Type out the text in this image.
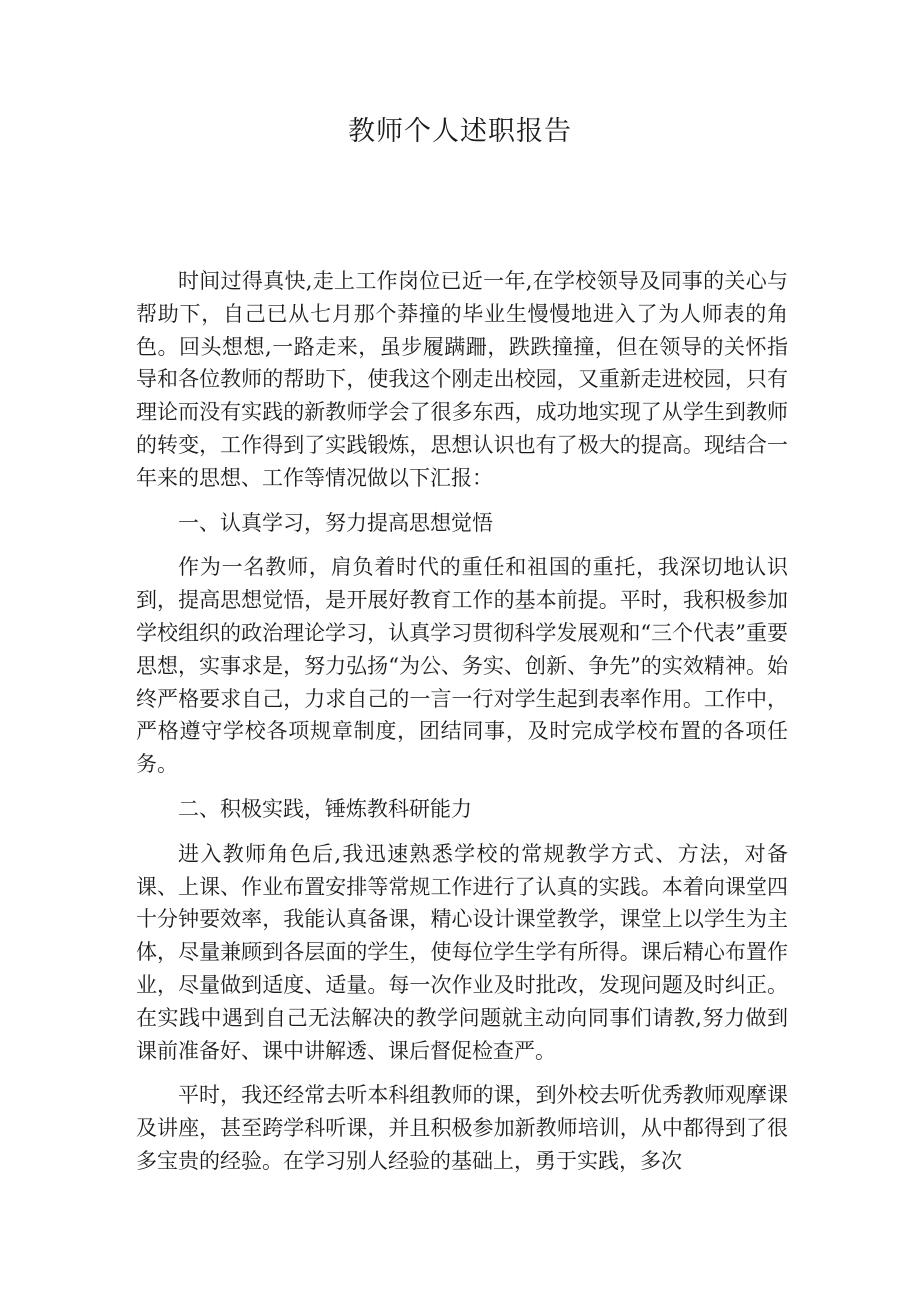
教师个人述职报告

时间过得真快,走上工作岗位已近一年,在学校领导及同事的关心与帮助下，自己已从七月那个莽撞的毕业生慢慢地进入了为人师表的角色。回头想想,一路走来，虽步履蹒跚，跌跌撞撞，但在领导的关怀指导和各位教师的帮助下，使我这个刚走出校园，又重新走进校园，只有理论而没有实践的新教师学会了很多东西，成功地实现了从学生到教师的转变，工作得到了实践锻炼，思想认识也有了极大的提高。现结合一年来的思想、工作等情况做以下汇报：

一、认真学习，努力提高思想觉悟

作为一名教师，肩负着时代的重任和祖国的重托，我深切地认识到，提高思想觉悟，是开展好教育工作的基本前提。平时，我积极参加学校组织的政治理论学习，认真学习贯彻科学发展观和“三个代表”重要思想，实事求是，努力弘扬“为公、务实、创新、争先”的实效精神。始终严格要求自己，力求自己的一言一行对学生起到表率作用。工作中，严格遵守学校各项规章制度，团结同事，及时完成学校布置的各项任务。

二、积极实践，锤炼教科研能力

进入教师角色后,我迅速熟悉学校的常规教学方式、方法，对备课、上课、作业布置安排等常规工作进行了认真的实践。本着向课堂四十分钟要效率，我能认真备课，精心设计课堂教学，课堂上以学生为主体，尽量兼顾到各层面的学生，使每位学生学有所得。课后精心布置作业，尽量做到适度、适量。每一次作业及时批改，发现问题及时纠正。在实践中遇到自己无法解决的教学问题就主动向同事们请教,努力做到课前准备好、课中讲解透、课后督促检查严。

平时，我还经常去听本科组教师的课，到外校去听优秀教师观摩课及讲座，甚至跨学科听课，并且积极参加新教师培训，从中都得到了很多宝贵的经验。在学习别人经验的基础上，勇于实践，多次
